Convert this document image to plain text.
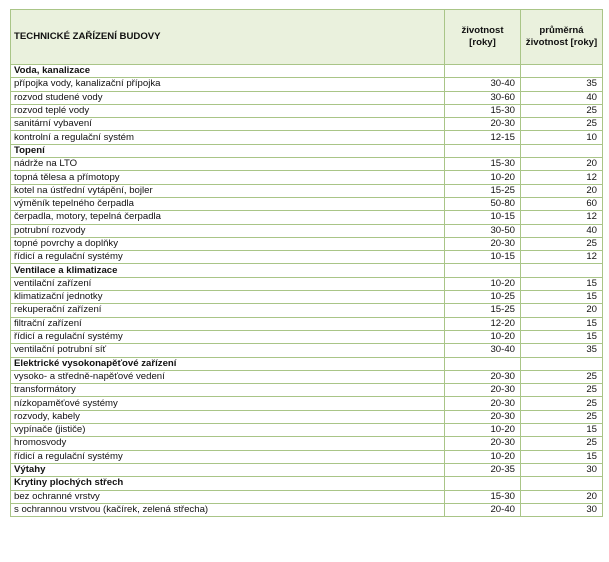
TECHNICKÉ ZAŘÍZENÍ BUDOVY	životnost [roky]	průměrná životnost [roky]
Voda, kanalizace		
přípojka vody, kanalizační přípojka	30-40	35
rozvod studené vody	30-60	40
rozvod teplé vody	15-30	25
sanitární vybavení	20-30	25
kontrolní a regulační systém	12-15	10
Topení		
nádrže na LTO	15-30	20
topná tělesa a přímotopy	10-20	12
kotel na ústřední vytápění, bojler	15-25	20
výměník tepelného čerpadla	50-80	60
čerpadla, motory, tepelná čerpadla	10-15	12
potrubní rozvody	30-50	40
topné povrchy a doplňky	20-30	25
řídicí a regulační systémy	10-15	12
Ventilace a klimatizace		
ventilační zařízení	10-20	15
klimatizační jednotky	10-25	15
rekuperační zařízení	15-25	20
filtrační zařízení	12-20	15
řídicí a regulační systémy	10-20	15
ventilační potrubní síť	30-40	35
Elektrické vysokonapěťové zařízení		
vysoko- a středně-napěťové vedení	20-30	25
transformátory	20-30	25
nízkopaměťové systémy	20-30	25
rozvody, kabely	20-30	25
vypínače (jističe)	10-20	15
hromosvody	20-30	25
řídicí a regulační systémy	10-20	15
Výtahy	20-35	30
Krytiny plochých střech		
bez ochranné vrstvy	15-30	20
s ochrannou vrstvou (kačírek, zelená střecha)	20-40	30
